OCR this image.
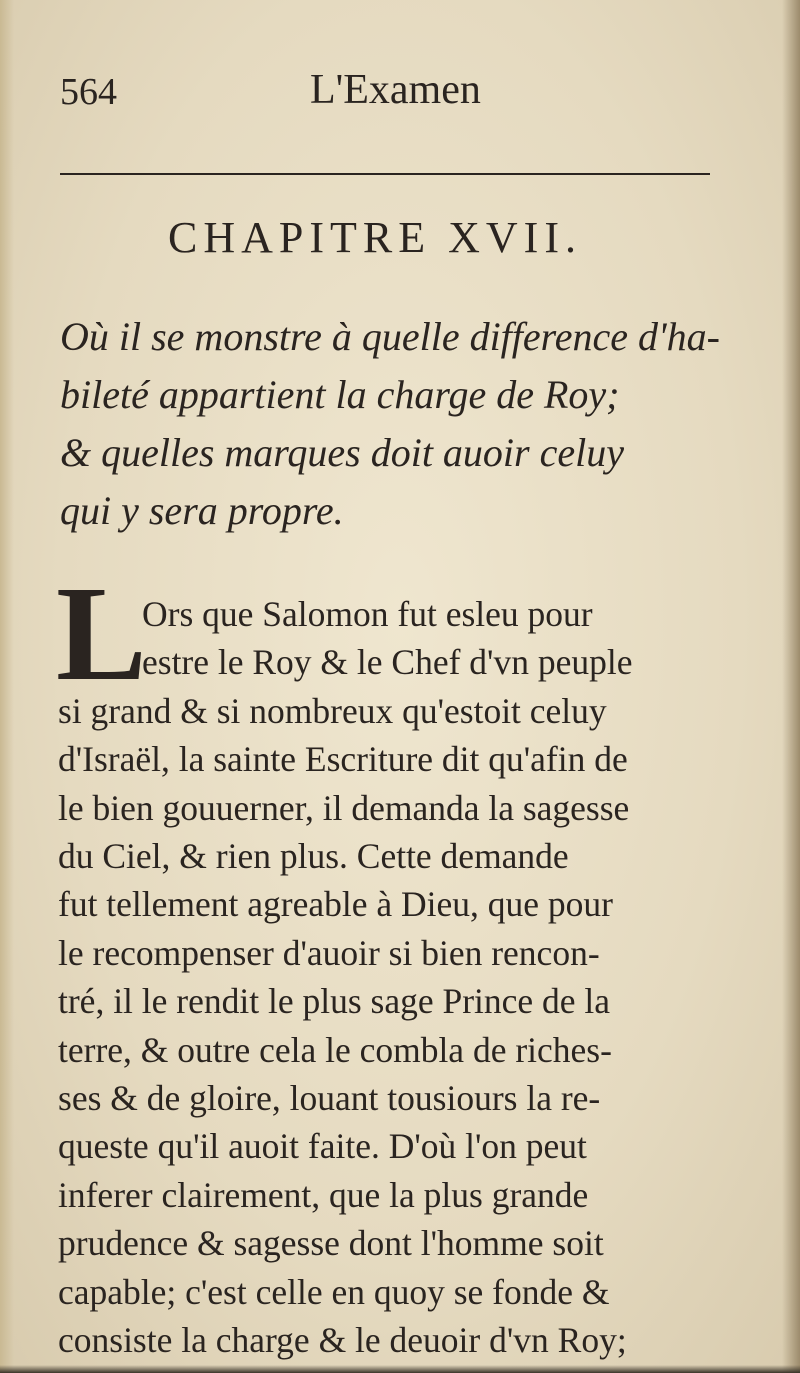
564	L'Examen
CHAPITRE XVII.
Où il se monstre à quelle difference d'ha-
bileté appartient la charge de Roy;
& quelles marques doit auoir celuy
qui y sera propre.
L
Ors que Salomon fut esleu pour
estre le Roy & le Chef d'vn peuple
si grand & si nombreux qu'estoit celuy
d'Israël, la sainte Escriture dit qu'afin de
le bien gouuerner, il demanda la sagesse
du Ciel, & rien plus. Cette demande
fut tellement agreable à Dieu, que pour
le recompenser d'auoir si bien rencon-
tré, il le rendit le plus sage Prince de la
terre, & outre cela le combla de riches-
ses & de gloire, louant tousiours la re-
queste qu'il auoit faite. D'où l'on peut
inferer clairement, que la plus grande
prudence & sagesse dont l'homme soit
capable; c'est celle en quoy se fonde &
consiste la charge & le deuoir d'vn Roy;
